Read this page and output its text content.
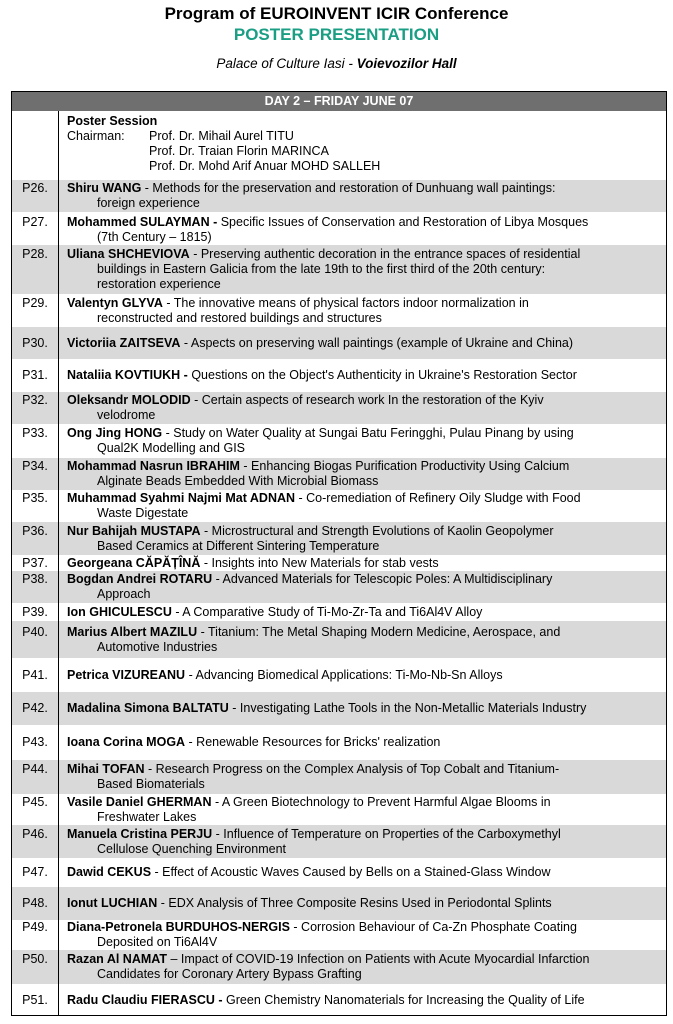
Program of EUROINVENT ICIR Conference
POSTER PRESENTATION
Palace of Culture Iasi - Voievozilor Hall
DAY 2 – FRIDAY JUNE 07
Poster Session
Chairman: Prof. Dr. Mihail Aurel TITU
Prof. Dr. Traian Florin MARINCA
Prof. Dr. Mohd Arif Anuar MOHD SALLEH
P26.	Shiru WANG - Methods for the preservation and restoration of Dunhuang wall paintings:
foreign experience
P27.	Mohammed SULAYMAN - Specific Issues of Conservation and Restoration of Libya Mosques
(7th Century – 1815)
P28.	Uliana SHCHEVIOVA - Preserving authentic decoration in the entrance spaces of residential
buildings in Eastern Galicia from the late 19th to the first third of the 20th century:
restoration experience
P29.	Valentyn GLYVA - The innovative means of physical factors indoor normalization in
reconstructed and restored buildings and structures
P30.	Victoriia ZAITSEVA - Aspects on preserving wall paintings (example of Ukraine and China)
P31.	Nataliia KOVTIUKH - Questions on the Object's Authenticity in Ukraine's Restoration Sector
P32.	Oleksandr MOLODID - Certain aspects of research work In the restoration of the Kyiv
velodrome
P33.	Ong Jing HONG - Study on Water Quality at Sungai Batu Feringghi, Pulau Pinang by using
Qual2K Modelling and GIS
P34.	Mohammad Nasrun IBRAHIM - Enhancing Biogas Purification Productivity Using Calcium
Alginate Beads Embedded With Microbial Biomass
P35.	Muhammad Syahmi Najmi Mat ADNAN - Co-remediation of Refinery Oily Sludge with Food
Waste Digestate
P36.	Nur Bahijah MUSTAPA - Microstructural and Strength Evolutions of Kaolin Geopolymer
Based Ceramics at Different Sintering Temperature
P37.	Georgeana CĂPĂȚÎNĂ - Insights into New Materials for stab vests
P38.	Bogdan Andrei ROTARU - Advanced Materials for Telescopic Poles: A Multidisciplinary
Approach
P39.	Ion GHICULESCU - A Comparative Study of Ti-Mo-Zr-Ta and Ti6Al4V Alloy
P40.	Marius Albert MAZILU - Titanium: The Metal Shaping Modern Medicine, Aerospace, and
Automotive Industries
P41.	Petrica VIZUREANU - Advancing Biomedical Applications: Ti-Mo-Nb-Sn Alloys
P42.	Madalina Simona BALTATU - Investigating Lathe Tools in the Non-Metallic Materials Industry
P43.	Ioana Corina MOGA - Renewable Resources for Bricks' realization
P44.	Mihai TOFAN - Research Progress on the Complex Analysis of Top Cobalt and Titanium-
Based Biomaterials
P45.	Vasile Daniel GHERMAN - A Green Biotechnology to Prevent Harmful Algae Blooms in
Freshwater Lakes
P46.	Manuela Cristina PERJU - Influence of Temperature on Properties of the Carboxymethyl
Cellulose Quenching Environment
P47.	Dawid CEKUS - Effect of Acoustic Waves Caused by Bells on a Stained-Glass Window
P48.	Ionut LUCHIAN - EDX Analysis of Three Composite Resins Used in Periodontal Splints
P49.	Diana-Petronela BURDUHOS-NERGIS - Corrosion Behaviour of Ca-Zn Phosphate Coating
Deposited on Ti6Al4V
P50.	Razan Al NAMAT – Impact of COVID-19 Infection on Patients with Acute Myocardial Infarction
Candidates for Coronary Artery Bypass Grafting
P51.	Radu Claudiu FIERASCU - Green Chemistry Nanomaterials for Increasing the Quality of Life
